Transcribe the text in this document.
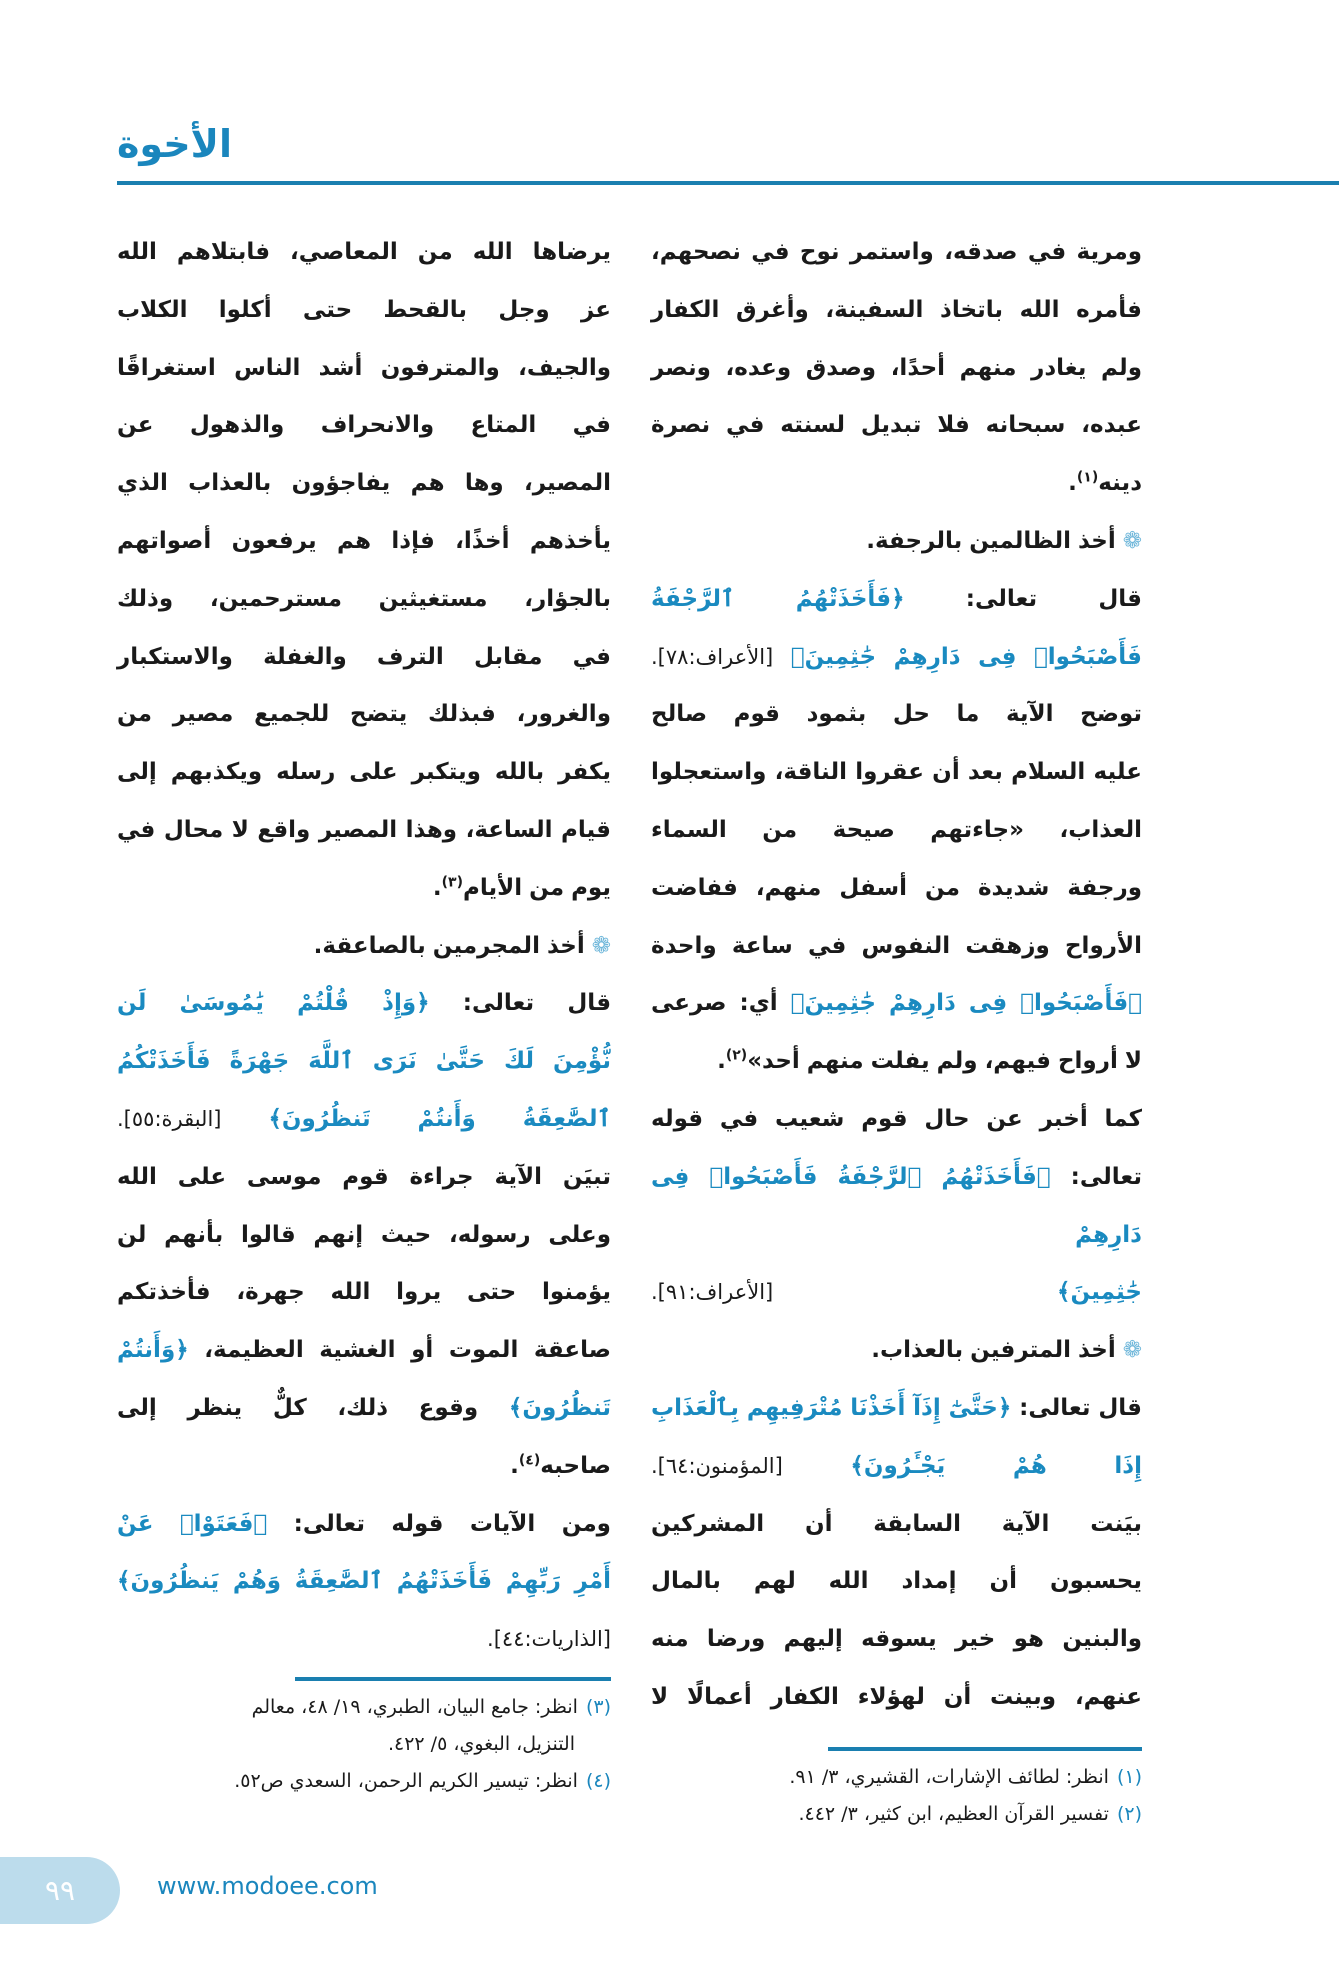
الأخوة
ومرية في صدقه، واستمر نوح في نصحهم،
فأمره الله باتخاذ السفينة، وأغرق الكفار
ولم يغادر منهم أحدًا، وصدق وعده، ونصر
عبده، سبحانه فلا تبديل لسنته في نصرة
دينه$^{(١)}$.
❁ أخذ الظالمين بالرجفة.
قال تعالى: ﴿فَأَخَذَتْهُمُ ٱلرَّجْفَةُ
فَأَصْبَحُوا۟ فِى دَارِهِمْ جَٰثِمِينَ﴾ [الأعراف:٧٨].
توضح الآية ما حل بثمود قوم صالح
عليه السلام بعد أن عقروا الناقة، واستعجلوا
العذاب، «جاءتهم صيحة من السماء
ورجفة شديدة من أسفل منهم، ففاضت
الأرواح وزهقت النفوس في ساعة واحدة
﴿فَأَصْبَحُوا۟ فِى دَارِهِمْ جَٰثِمِينَ﴾ أي: صرعى
لا أرواح فيهم، ولم يفلت منهم أحد»$^{(٢)}$.
كما أخبر عن حال قوم شعيب في قوله
تعالى: ﴿فَأَخَذَتْهُمُ ٱلرَّجْفَةُ فَأَصْبَحُوا۟ فِى دَارِهِمْ
جَٰثِمِينَ﴾ [الأعراف:٩١].
❁ أخذ المترفين بالعذاب.
قال تعالى: ﴿حَتَّىٰٓ إِذَآ أَخَذْنَا مُتْرَفِيهِم بِٱلْعَذَابِ
إِذَا هُمْ يَجْـَٔرُونَ﴾ [المؤمنون:٦٤].
بيَنت الآية السابقة أن المشركين
يحسبون أن إمداد الله لهم بالمال
والبنين هو خير يسوقه إليهم ورضا منه
عنهم، وبينت أن لهؤلاء الكفار أعمالًا لا
(١)انظر: لطائف الإشارات، القشيري، ٣/ ٩١.
(٢)تفسير القرآن العظيم، ابن كثير، ٣/ ٤٤٢.
يرضاها الله من المعاصي، فابتلاهم الله
عز وجل بالقحط حتى أكلوا الكلاب
والجيف، والمترفون أشد الناس استغراقًا
في المتاع والانحراف والذهول عن
المصير، وها هم يفاجؤون بالعذاب الذي
يأخذهم أخذًا، فإذا هم يرفعون أصواتهم
بالجؤار، مستغيثين مسترحمين، وذلك
في مقابل الترف والغفلة والاستكبار
والغرور، فبذلك يتضح للجميع مصير من
يكفر بالله ويتكبر على رسله ويكذبهم إلى
قيام الساعة، وهذا المصير واقع لا محال في
يوم من الأيام$^{(٣)}$.
❁ أخذ المجرمين بالصاعقة.
قال تعالى: ﴿وَإِذْ قُلْتُمْ يَٰمُوسَىٰ لَن
نُّؤْمِنَ لَكَ حَتَّىٰ نَرَى ٱللَّهَ جَهْرَةً فَأَخَذَتْكُمُ
ٱلصَّٰعِقَةُ وَأَنتُمْ تَنظُرُونَ﴾ [البقرة:٥٥].
تبيَن الآية جراءة قوم موسى على الله
وعلى رسوله، حيث إنهم قالوا بأنهم لن
يؤمنوا حتى يروا الله جهرة، فأخذتكم
صاعقة الموت أو الغشية العظيمة، ﴿وَأَنتُمْ
تَنظُرُونَ﴾ وقوع ذلك، كلٌّ ينظر إلى
صاحبه$^{(٤)}$.
ومن الآيات قوله تعالى: ﴿فَعَتَوْا۟ عَنْ
أَمْرِ رَبِّهِمْ فَأَخَذَتْهُمُ ٱلصَّٰعِقَةُ وَهُمْ يَنظُرُونَ﴾
[الذاريات:٤٤].
(٣)انظر: جامع البيان، الطبري، ١٩/ ٤٨، معالم
التنزيل، البغوي، ٥/ ٤٢٢.
(٤)انظر: تيسير الكريم الرحمن، السعدي ص٥٢.
٩٩	www.modoee.com
